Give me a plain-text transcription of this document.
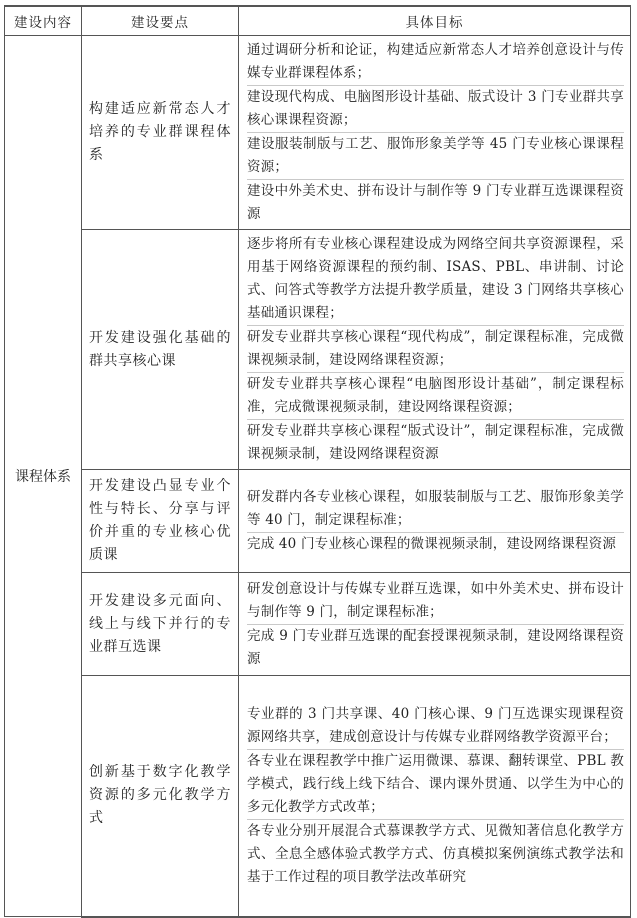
建设内容	建设要点	具体目标
课程体系	构建适应新常态人才培养的专业群课程体系	通过调研分析和论证，构建适应新常态人才培养创意设计与传媒专业群课程体系；
建设现代构成、电脑图形设计基础、版式设计 3 门专业群共享核心课课程资源；
建设服装制版与工艺、服饰形象美学等 45 门专业核心课课程资源；
建设中外美术史、拼布设计与制作等 9 门专业群互选课课程资源

	开发建设强化基础的群共享核心课	逐步将所有专业核心课程建设成为网络空间共享资源课程，采用基于网络资源课程的预约制、ISAS、PBL、串讲制、讨论式、问答式等教学方法提升教学质量，建设 3 门网络共享核心基础通识课程；
研发专业群共享核心课程“现代构成”，制定课程标准，完成微课视频录制，建设网络课程资源；
研发专业群共享核心课程“电脑图形设计基础”，制定课程标准，完成微课视频录制，建设网络课程资源；
研发专业群共享核心课程“版式设计”，制定课程标准，完成微课视频录制，建设网络课程资源

	开发建设凸显专业个性与特长、分享与评价并重的专业核心优质课	研发群内各专业核心课程，如服装制版与工艺、服饰形象美学等 40 门，制定课程标准；
完成 40 门专业核心课程的微课视频录制，建设网络课程资源

	开发建设多元面向、线上与线下并行的专业群互选课	研发创意设计与传媒专业群互选课，如中外美术史、拼布设计与制作等 9 门，制定课程标准；
完成 9 门专业群互选课的配套授课视频录制，建设网络课程资源

	创新基于数字化教学资源的多元化教学方式	专业群的 3 门共享课、40 门核心课、9 门互选课实现课程资源网络共享，建成创意设计与传媒专业群网络教学资源平台；
各专业在课程教学中推广运用微课、慕课、翻转课堂、PBL 教学模式，践行线上线下结合、课内课外贯通、以学生为中心的多元化教学方式改革；
各专业分别开展混合式慕课教学方式、见微知著信息化教学方式、全息全感体验式教学方式、仿真模拟案例演练式教学法和基于工作过程的项目教学法改革研究
